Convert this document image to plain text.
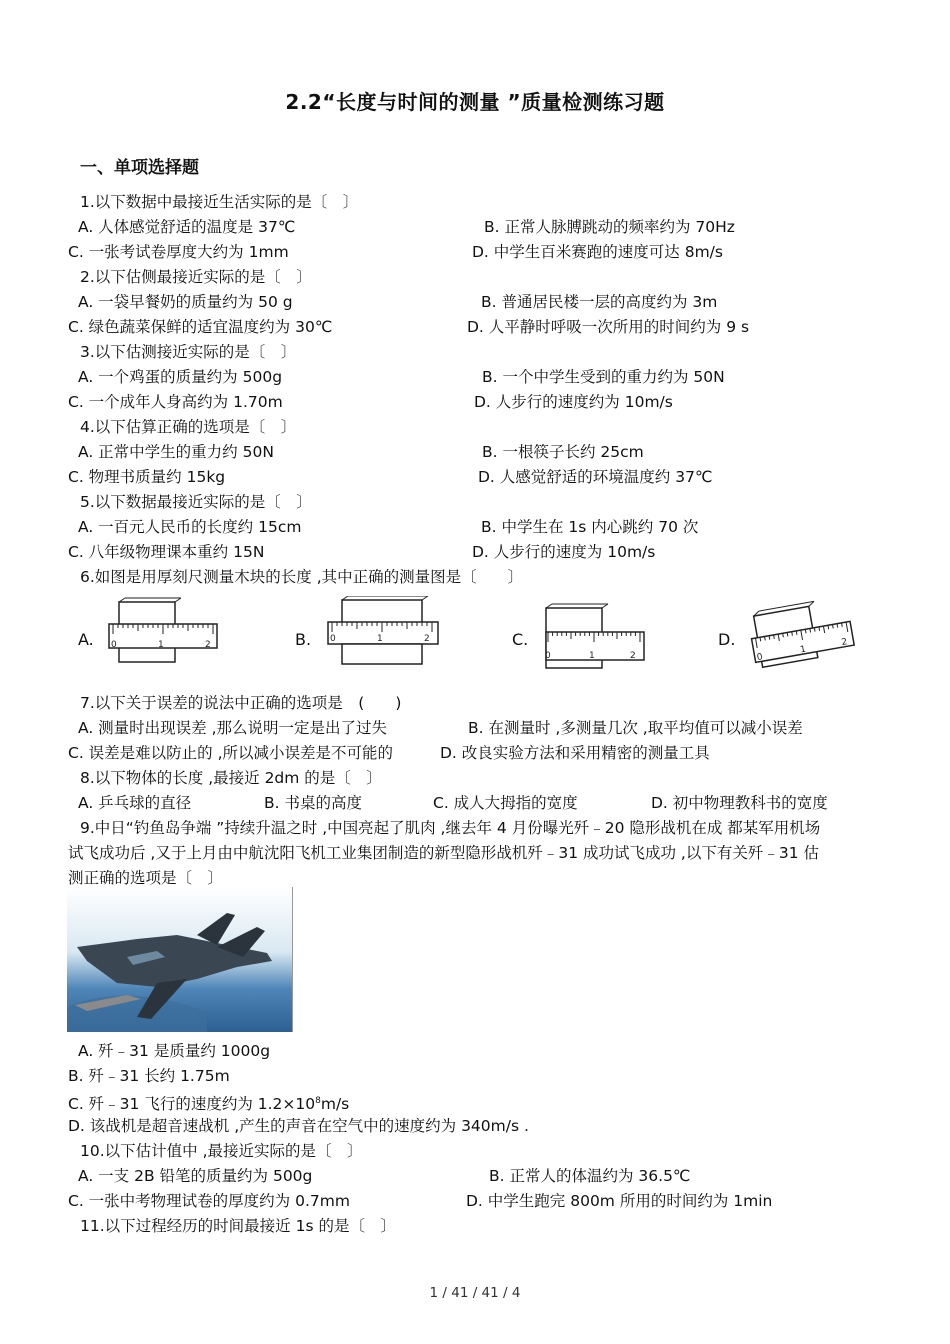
2.2“长度与时间的测量 ”质量检测练习题
一、单项选择题
1.以下数据中最接近生活实际的是〔　〕
A. 人体感觉舒适的温度是 37℃	B. 正常人脉膊跳动的频率约为 70Hz
C. 一张考试卷厚度大约为 1mm	D. 中学生百米赛跑的速度可达 8m/s
2.以下估侧最接近实际的是〔　〕
A. 一袋早餐奶的质量约为 50 g	B. 普通居民楼一层的高度约为 3m
C. 绿色蔬菜保鲜的适宜温度约为 30℃	D. 人平静时呼吸一次所用的时间约为 9 s
3.以下估测接近实际的是〔　〕
A. 一个鸡蛋的质量约为 500g	B. 一个中学生受到的重力约为 50N
C. 一个成年人身高约为 1.70m	D. 人步行的速度约为 10m/s
4.以下估算正确的选项是〔　〕
A. 正常中学生的重力约 50N	B. 一根筷子长约 25cm
C. 物理书质量约 15kg	D. 人感觉舒适的环境温度约 37℃
5.以下数据最接近实际的是〔　〕
A. 一百元人民币的长度约 15cm	B. 中学生在 1s 内心跳约 70 次
C. 八年级物理课本重约 15N	D. 人步行的速度为 10m/s
6.如图是用厚刻尺测量木块的长度 ,其中正确的测量图是〔　　〕
A.	B.	C.	D.
0	1	2
0	1	2
0	1	2	0
1
2
7.以下关于误差的说法中正确的选项是　(　　)
A. 测量时出现误差 ,那么说明一定是出了过失	B. 在测量时 ,多测量几次 ,取平均值可以减小误差
C. 误差是难以防止的 ,所以减小误差是不可能的	D. 改良实验方法和采用精密的测量工具
8.以下物体的长度 ,最接近 2dm 的是〔　〕
A. 乒乓球的直径	B. 书桌的高度	C. 成人大拇指的宽度	D. 初中物理教科书的宽度
9.中日“钓鱼岛争端 ”持续升温之时 ,中国亮起了肌肉 ,继去年 4 月份曝光歼﹣20 隐形战机在成 都某军用机场
试飞成功后 ,又于上月由中航沈阳飞机工业集团制造的新型隐形战机歼﹣31 成功试飞成功 ,以下有关歼﹣31 估
测正确的选项是〔　〕
A. 歼﹣31 是质量约 1000g
B. 歼﹣31 长约 1.75m
C. 歼﹣31 飞行的速度约为 $1.2\times 10^8m/s$
D. 该战机是超音速战机 ,产生的声音在空气中的速度约为 340m/s .
10.以下估计值中 ,最接近实际的是〔　〕
A. 一支 2B 铅笔的质量约为 500g	B. 正常人的体温约为 36.5℃
C. 一张中考物理试卷的厚度约为 0.7mm	D. 中学生跑完 800m 所用的时间约为 1min
11.以下过程经历的时间最接近 1s 的是〔　〕
1 / 41 / 41 / 4
